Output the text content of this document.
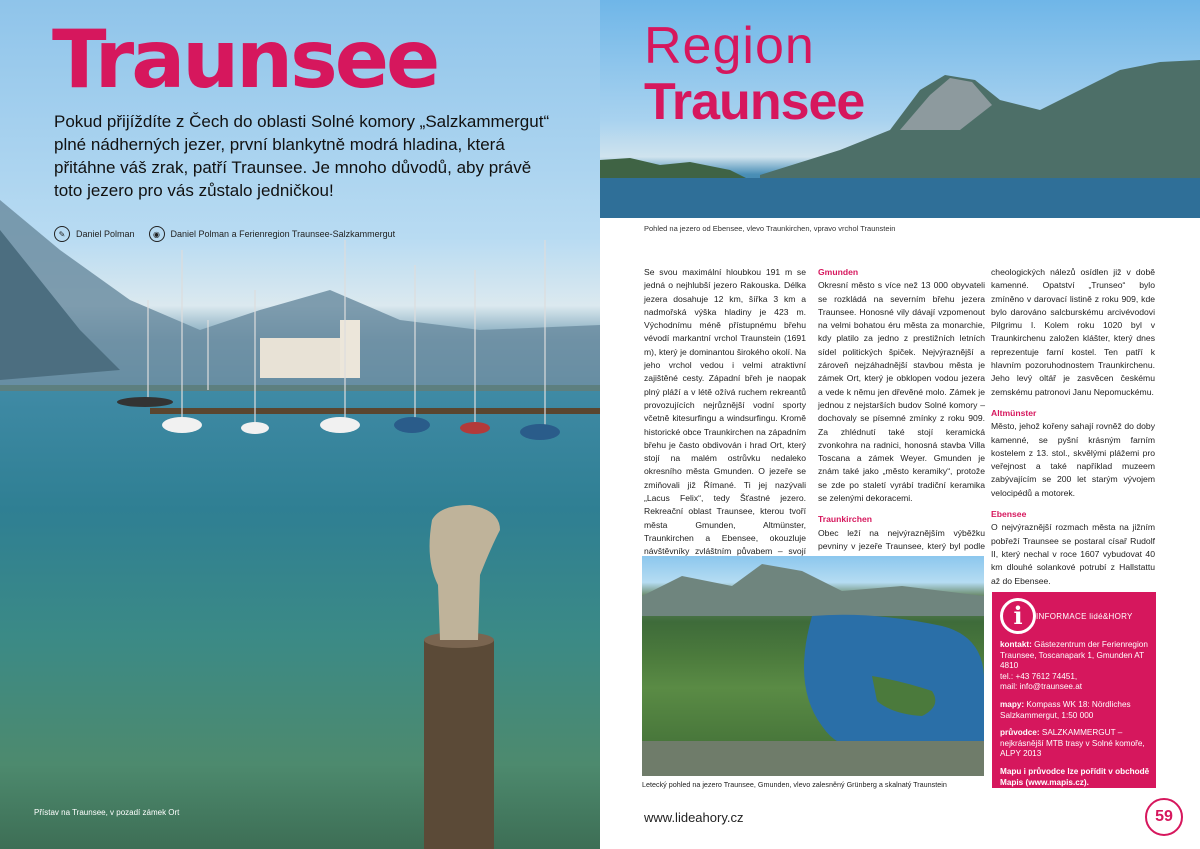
Traunsee

Pokud přijíždíte z Čech do oblasti Solné komory „Salzkammergut“ plné nádherných jezer, první blankytně modrá hladina, která přitáhne váš zrak, patří Traunsee. Je mnoho důvodů, aby právě toto jezero pro vás zůstalo jedničkou!

✎	Daniel Polman	◉	Daniel Polman a Ferienregion Traunsee-Salzkammergut
Přístav na Traunsee, v pozadí zámek Ort
Region
Traunsee
Pohled na jezero od Ebensee, vlevo Traunkirchen, vpravo vrchol Traunstein
Se svou maximální hloubkou 191 m se jedná o nejhlubší jezero Rakouska. Délka jezera dosahuje 12 km, šířka 3 km a nadmořská výška hladiny je 423 m. Východnímu méně přístupnému břehu vévodí markantní vrchol Traunstein (1691 m), který je dominantou širokého okolí. Na jeho vrchol vedou i velmi atraktivní zajištěné cesty. Západní břeh je naopak plný pláží a v létě ožívá ruchem rekreantů provozujících nejrůznější vodní sporty včetně kitesurfingu a windsurfingu. Kromě historické obce Traunkirchen na západním břehu je často obdivován i hrad Ort, který stojí na malém ostrůvku nedaleko okresního města Gmunden. O jezeře se zmiňovali již Římané. Ti jej nazývali „Lacus Felix“, tedy Šťastné jezero. Rekreační oblast Traunsee, kterou tvoří města Gmunden, Altmünster, Traunkirchen a Ebensee, okouzluje návštěvníky zvláštním půvabem – svojí
Gmunden
Okresní město s více než 13 000 obyvateli se rozkládá na severním břehu jezera Traunsee. Honosné vily dávají vzpomenout na velmi bohatou éru města za monarchie, kdy platilo za jedno z prestižních letních sídel politických špiček. Nejvýraznější a zároveň nejzáhadnější stavbou města je zámek Ort, který je obklopen vodou jezera a vede k němu jen dřevěné molo. Zámek je jednou z nejstarších budov Solné komory – dochovaly se písemné zmínky z roku 909. Za zhlédnutí také stojí keramická zvonkohra na radnici, honosná stavba Villa Toscana a zámek Weyer. Gmunden je znám také jako „město keramiky“, protože se zde po staletí vyrábí tradiční keramika se zelenými dekoracemi.
Traunkirchen
Obec leží na nejvýraznějším výběžku pevniny v jezeře Traunsee, který byl podle
cheologických nálezů osídlen již v době kamenné. Opatství „Trunseo“ bylo zmíněno v darovací listině z roku 909, kde bylo darováno salcburskému arcivévodovi Pilgrimu I. Kolem roku 1020 byl v Traunkirchenu založen klášter, který dnes reprezentuje farní kostel. Ten patří k hlavním pozoruhodnostem Traunkirchenu. Jeho levý oltář je zasvěcen českému zemskému patronovi Janu Nepomuckému.
Altmünster
Město, jehož kořeny sahají rovněž do doby kamenné, se pyšní krásným farním kostelem z 13. stol., skvělými plážemi pro veřejnost a také například muzeem zabývajícím se 200 let starým vývojem velocipédů a motorek.
Ebensee
O nejvýraznější rozmach města na jižním pobřeží Traunsee se postaral císař Rudolf II, který nechal v roce 1607 vybudovat 40 km dlouhé solankové potrubí z Hallstattu až do Ebensee.
Letecký pohled na jezero Traunsee, Gmunden, vlevo zalesněný Grünberg a skalnatý Traunstein
i	INFORMACE lidé&HORY

kontakt: Gästezentrum der Ferienregion Traunsee, Toscanapark 1, Gmunden AT 4810
tel.: +43 7612 74451,
mail: info@traunsee.at

mapy: Kompass WK 18: Nördliches Salzkammergut, 1:50 000

průvodce: SALZKAMMERGUT – nejkrásnější MTB trasy v Solné komoře, ALPY 2013

Mapu i průvodce lze pořídit v obchodě Mapis (www.mapis.cz).

www.lideahory.cz	59
